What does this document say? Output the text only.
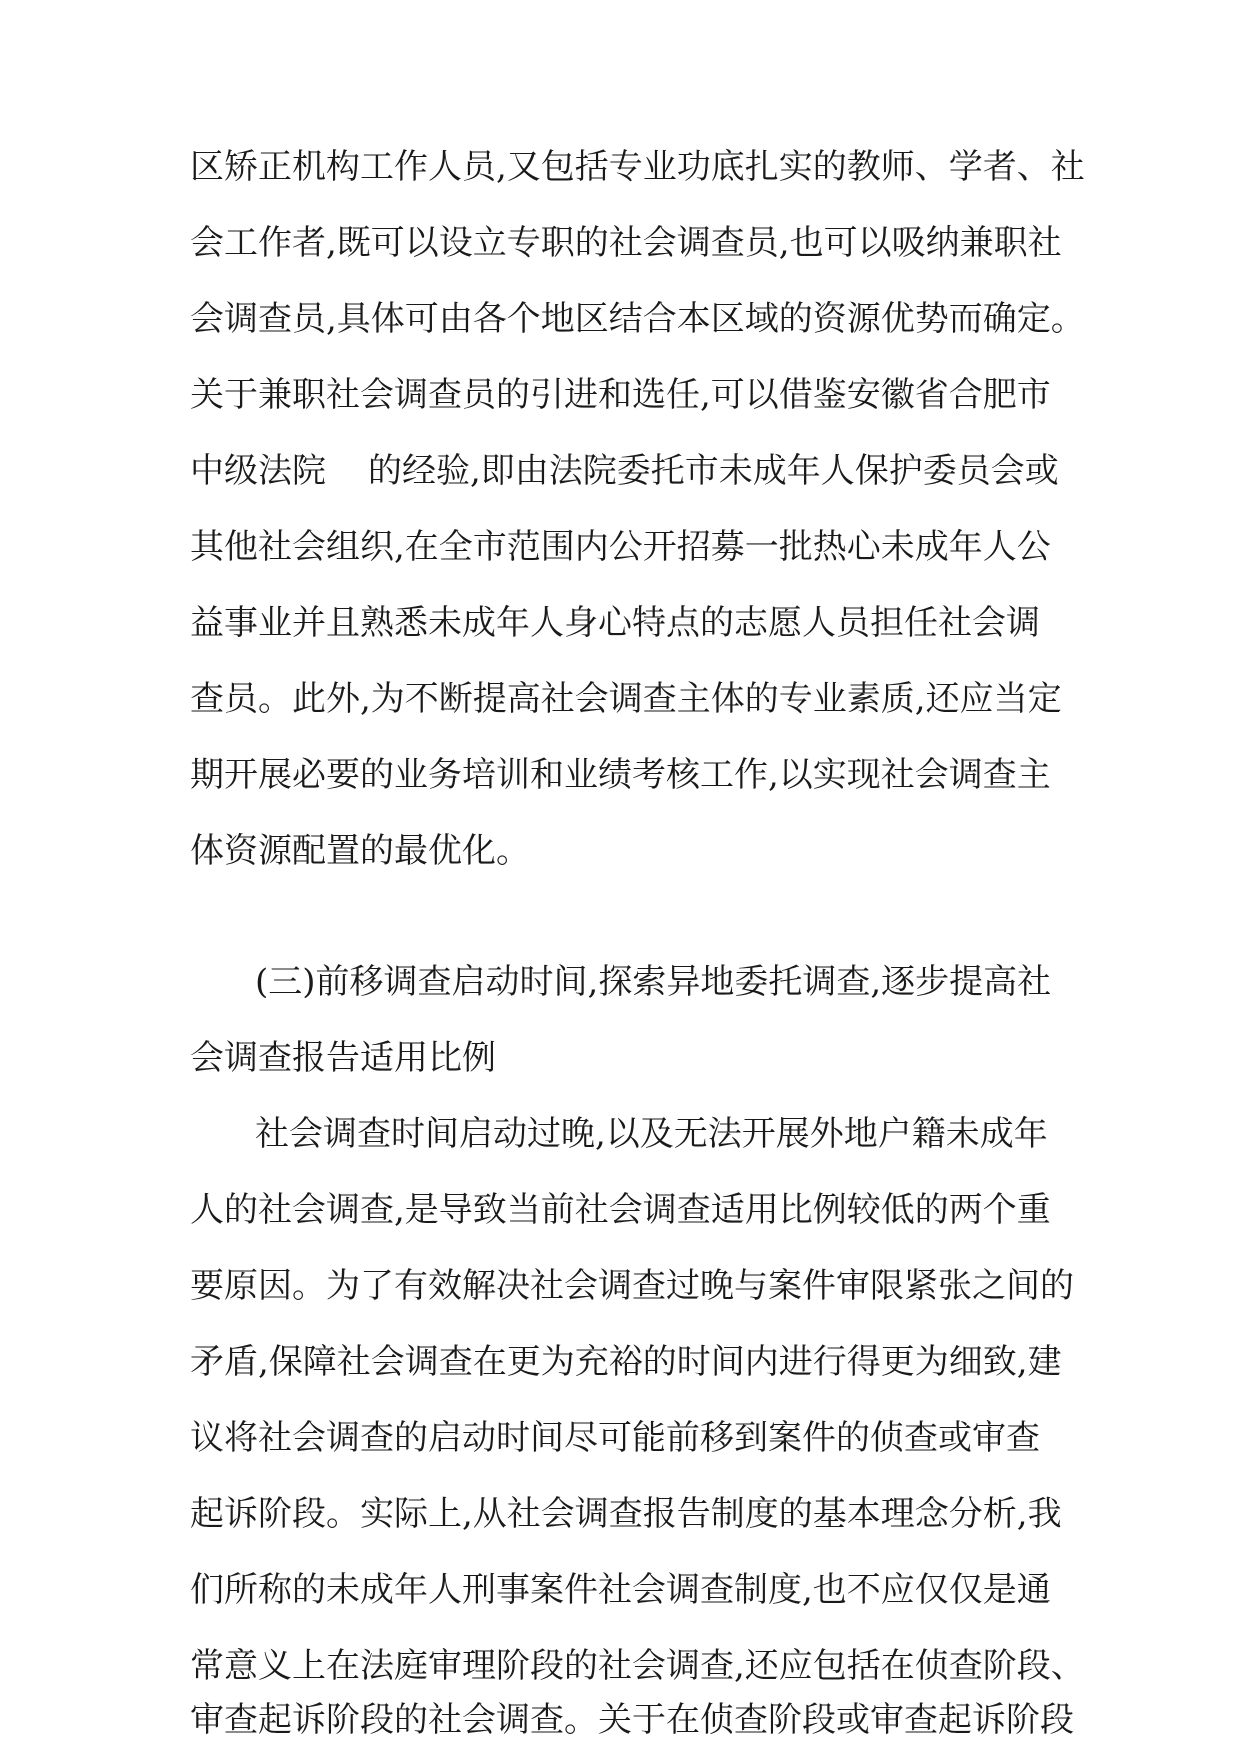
区矫正机构工作人员,又包括专业功底扎实的教师、学者、社

会工作者,既可以设立专职的社会调查员,也可以吸纳兼职社

会调查员,具体可由各个地区结合本区域的资源优势而确定。

关于兼职社会调查员的引进和选任,可以借鉴安徽省合肥市

中级法院 的经验,即由法院委托市未成年人保护委员会或

其他社会组织,在全市范围内公开招募一批热心未成年人公

益事业并且熟悉未成年人身心特点的志愿人员担任社会调

查员。此外,为不断提高社会调查主体的专业素质,还应当定

期开展必要的业务培训和业绩考核工作,以实现社会调查主

体资源配置的最优化。

(三)前移调查启动时间,探索异地委托调查,逐步提高社

会调查报告适用比例

社会调查时间启动过晚,以及无法开展外地户籍未成年

人的社会调查,是导致当前社会调查适用比例较低的两个重

要原因。为了有效解决社会调查过晚与案件审限紧张之间的

矛盾,保障社会调查在更为充裕的时间内进行得更为细致,建

议将社会调查的启动时间尽可能前移到案件的侦查或审查

起诉阶段。实际上,从社会调查报告制度的基本理念分析,我

们所称的未成年人刑事案件社会调查制度,也不应仅仅是通

常意义上在法庭审理阶段的社会调查,还应包括在侦查阶段、

审查起诉阶段的社会调查。关于在侦查阶段或审查起诉阶段
